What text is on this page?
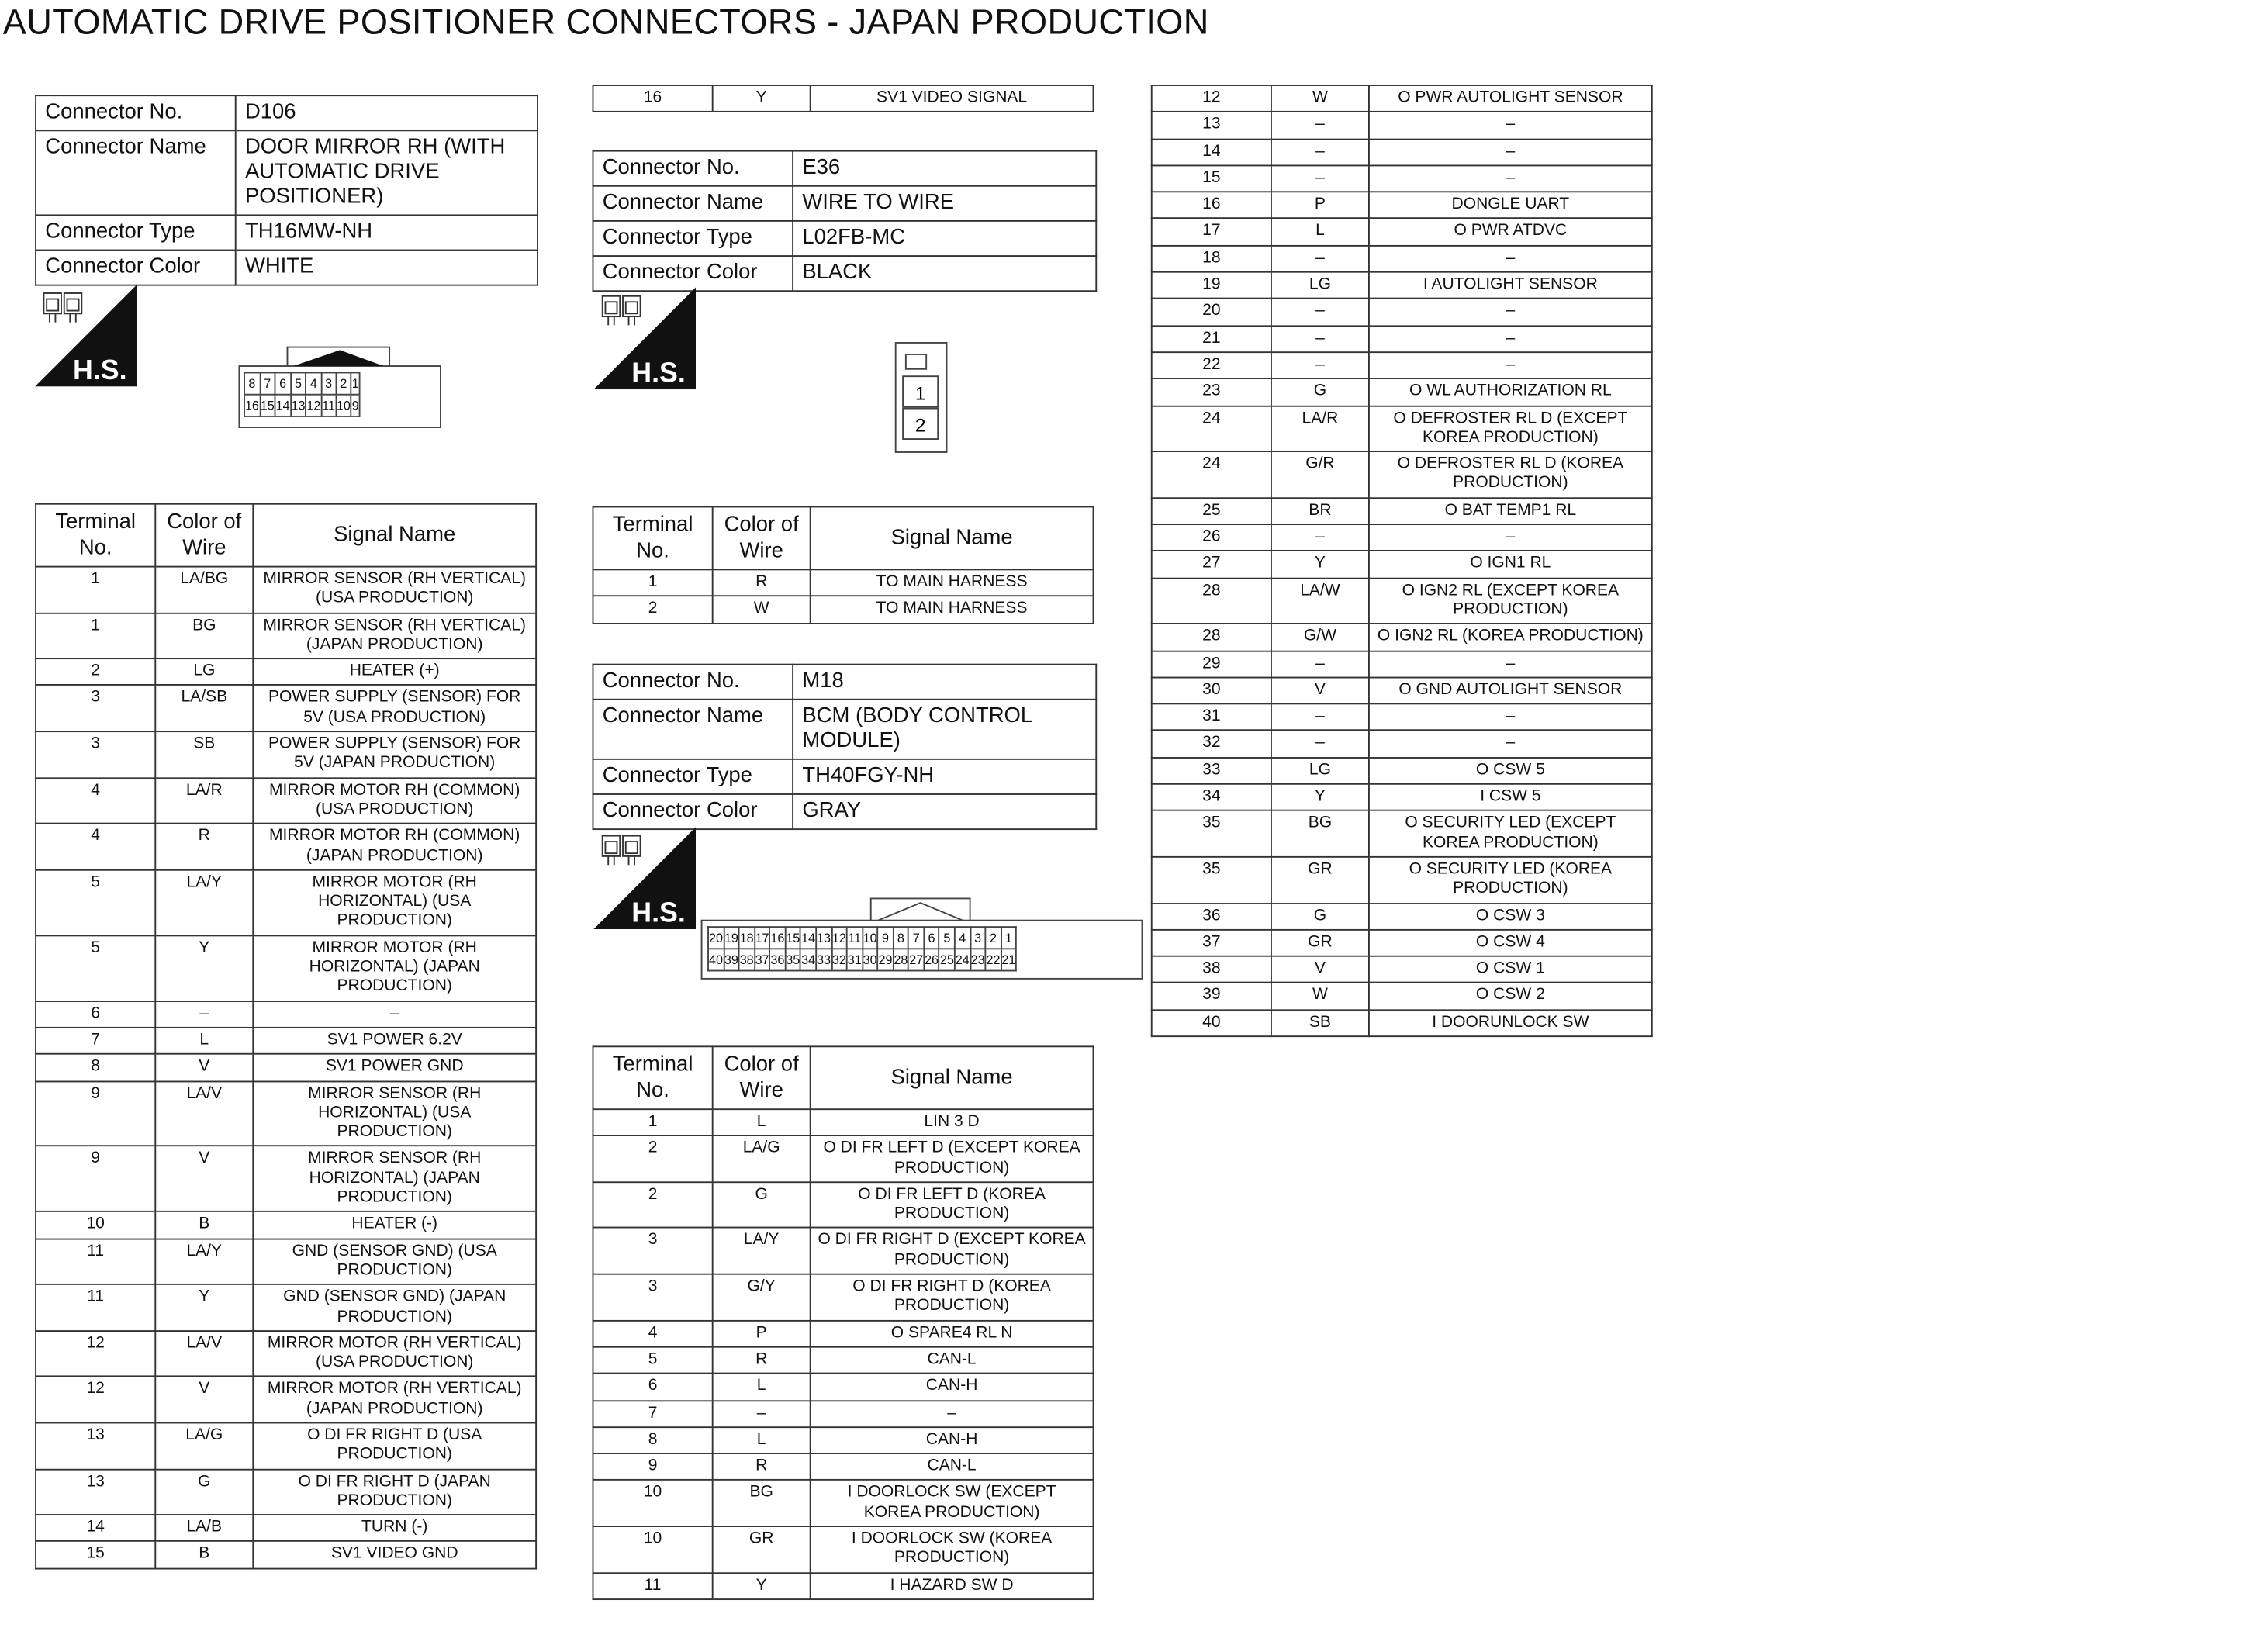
AUTOMATIC DRIVE POSITIONER CONNECTORS - JAPAN PRODUCTION
Connector No.	D106
Connector Name	DOOR MIRROR RH (WITH AUTOMATIC DRIVE POSITIONER)
Connector Type	TH16MW-NH
Connector Color	WHITE
H.S.	8	7	6	5	4	3	2	1
16	15	14	13	12	11	10	9
Terminal No.	Color of Wire	Signal Name
1	LA/BG	MIRROR SENSOR (RH VERTICAL) (USA PRODUCTION)
1	BG	MIRROR SENSOR (RH VERTICAL) (JAPAN PRODUCTION)
2	LG	HEATER (+)
3	LA/SB	POWER SUPPLY (SENSOR) FOR 5V (USA PRODUCTION)
3	SB	POWER SUPPLY (SENSOR) FOR 5V (JAPAN PRODUCTION)
4	LA/R	MIRROR MOTOR RH (COMMON) (USA PRODUCTION)
4	R	MIRROR MOTOR RH (COMMON) (JAPAN PRODUCTION)
5	LA/Y	MIRROR MOTOR (RH HORIZONTAL) (USA PRODUCTION)
5	Y	MIRROR MOTOR (RH HORIZONTAL) (JAPAN PRODUCTION)
6	–	–
7	L	SV1 POWER 6.2V
8	V	SV1 POWER GND
9	LA/V	MIRROR SENSOR (RH HORIZONTAL) (USA PRODUCTION)
9	V	MIRROR SENSOR (RH HORIZONTAL) (JAPAN PRODUCTION)
10	B	HEATER (-)
11	LA/Y	GND (SENSOR GND) (USA PRODUCTION)
11	Y	GND (SENSOR GND) (JAPAN PRODUCTION)
12	LA/V	MIRROR MOTOR (RH VERTICAL) (USA PRODUCTION)
12	V	MIRROR MOTOR (RH VERTICAL) (JAPAN PRODUCTION)
13	LA/G	O DI FR RIGHT D (USA PRODUCTION)
13	G	O DI FR RIGHT D (JAPAN PRODUCTION)
14	LA/B	TURN (-)
15	B	SV1 VIDEO GND
16	Y	SV1 VIDEO SIGNAL
Connector No.	E36
Connector Name	WIRE TO WIRE
Connector Type	L02FB-MC
Connector Color	BLACK
H.S.
1
2
Terminal No.	Color of Wire	Signal Name
1	R	TO MAIN HARNESS
2	W	TO MAIN HARNESS
Connector No.	M18
Connector Name	BCM (BODY CONTROL MODULE)
Connector Type	TH40FGY-NH
Connector Color	GRAY
H.S.
20	19	18	17	16	15	14	13	12	11	10	9	8	7	6	5	4	3	2	1
40	39	38	37	36	35	34	33	32	31	30	29	28	27	26	25	24	23	22	21
Terminal No.	Color of Wire	Signal Name
1	L	LIN 3 D
2	LA/G	O DI FR LEFT D (EXCEPT KOREA PRODUCTION)
2	G	O DI FR LEFT D (KOREA PRODUCTION)
3	LA/Y	O DI FR RIGHT D (EXCEPT KOREA PRODUCTION)
3	G/Y	O DI FR RIGHT D (KOREA PRODUCTION)
4	P	O SPARE4 RL N
5	R	CAN-L
6	L	CAN-H
7	–	–
8	L	CAN-H
9	R	CAN-L
10	BG	I DOORLOCK SW (EXCEPT KOREA PRODUCTION)
10	GR	I DOORLOCK SW (KOREA PRODUCTION)
11	Y	I HAZARD SW D
12	W	O PWR AUTOLIGHT SENSOR
13	–	–
14	–	–
15	–	–
16	P	DONGLE UART
17	L	O PWR ATDVC
18	–	–
19	LG	I AUTOLIGHT SENSOR
20	–	–
21	–	–
22	–	–
23	G	O WL AUTHORIZATION RL
24	LA/R	O DEFROSTER RL D (EXCEPT KOREA PRODUCTION)
24	G/R	O DEFROSTER RL D (KOREA PRODUCTION)
25	BR	O BAT TEMP1 RL
26	–	–
27	Y	O IGN1 RL
28	LA/W	O IGN2 RL (EXCEPT KOREA PRODUCTION)
28	G/W	O IGN2 RL (KOREA PRODUCTION)
29	–	–
30	V	O GND AUTOLIGHT SENSOR
31	–	–
32	–	–
33	LG	O CSW 5
34	Y	I CSW 5
35	BG	O SECURITY LED (EXCEPT KOREA PRODUCTION)
35	GR	O SECURITY LED (KOREA PRODUCTION)
36	G	O CSW 3
37	GR	O CSW 4
38	V	O CSW 1
39	W	O CSW 2
40	SB	I DOORUNLOCK SW
